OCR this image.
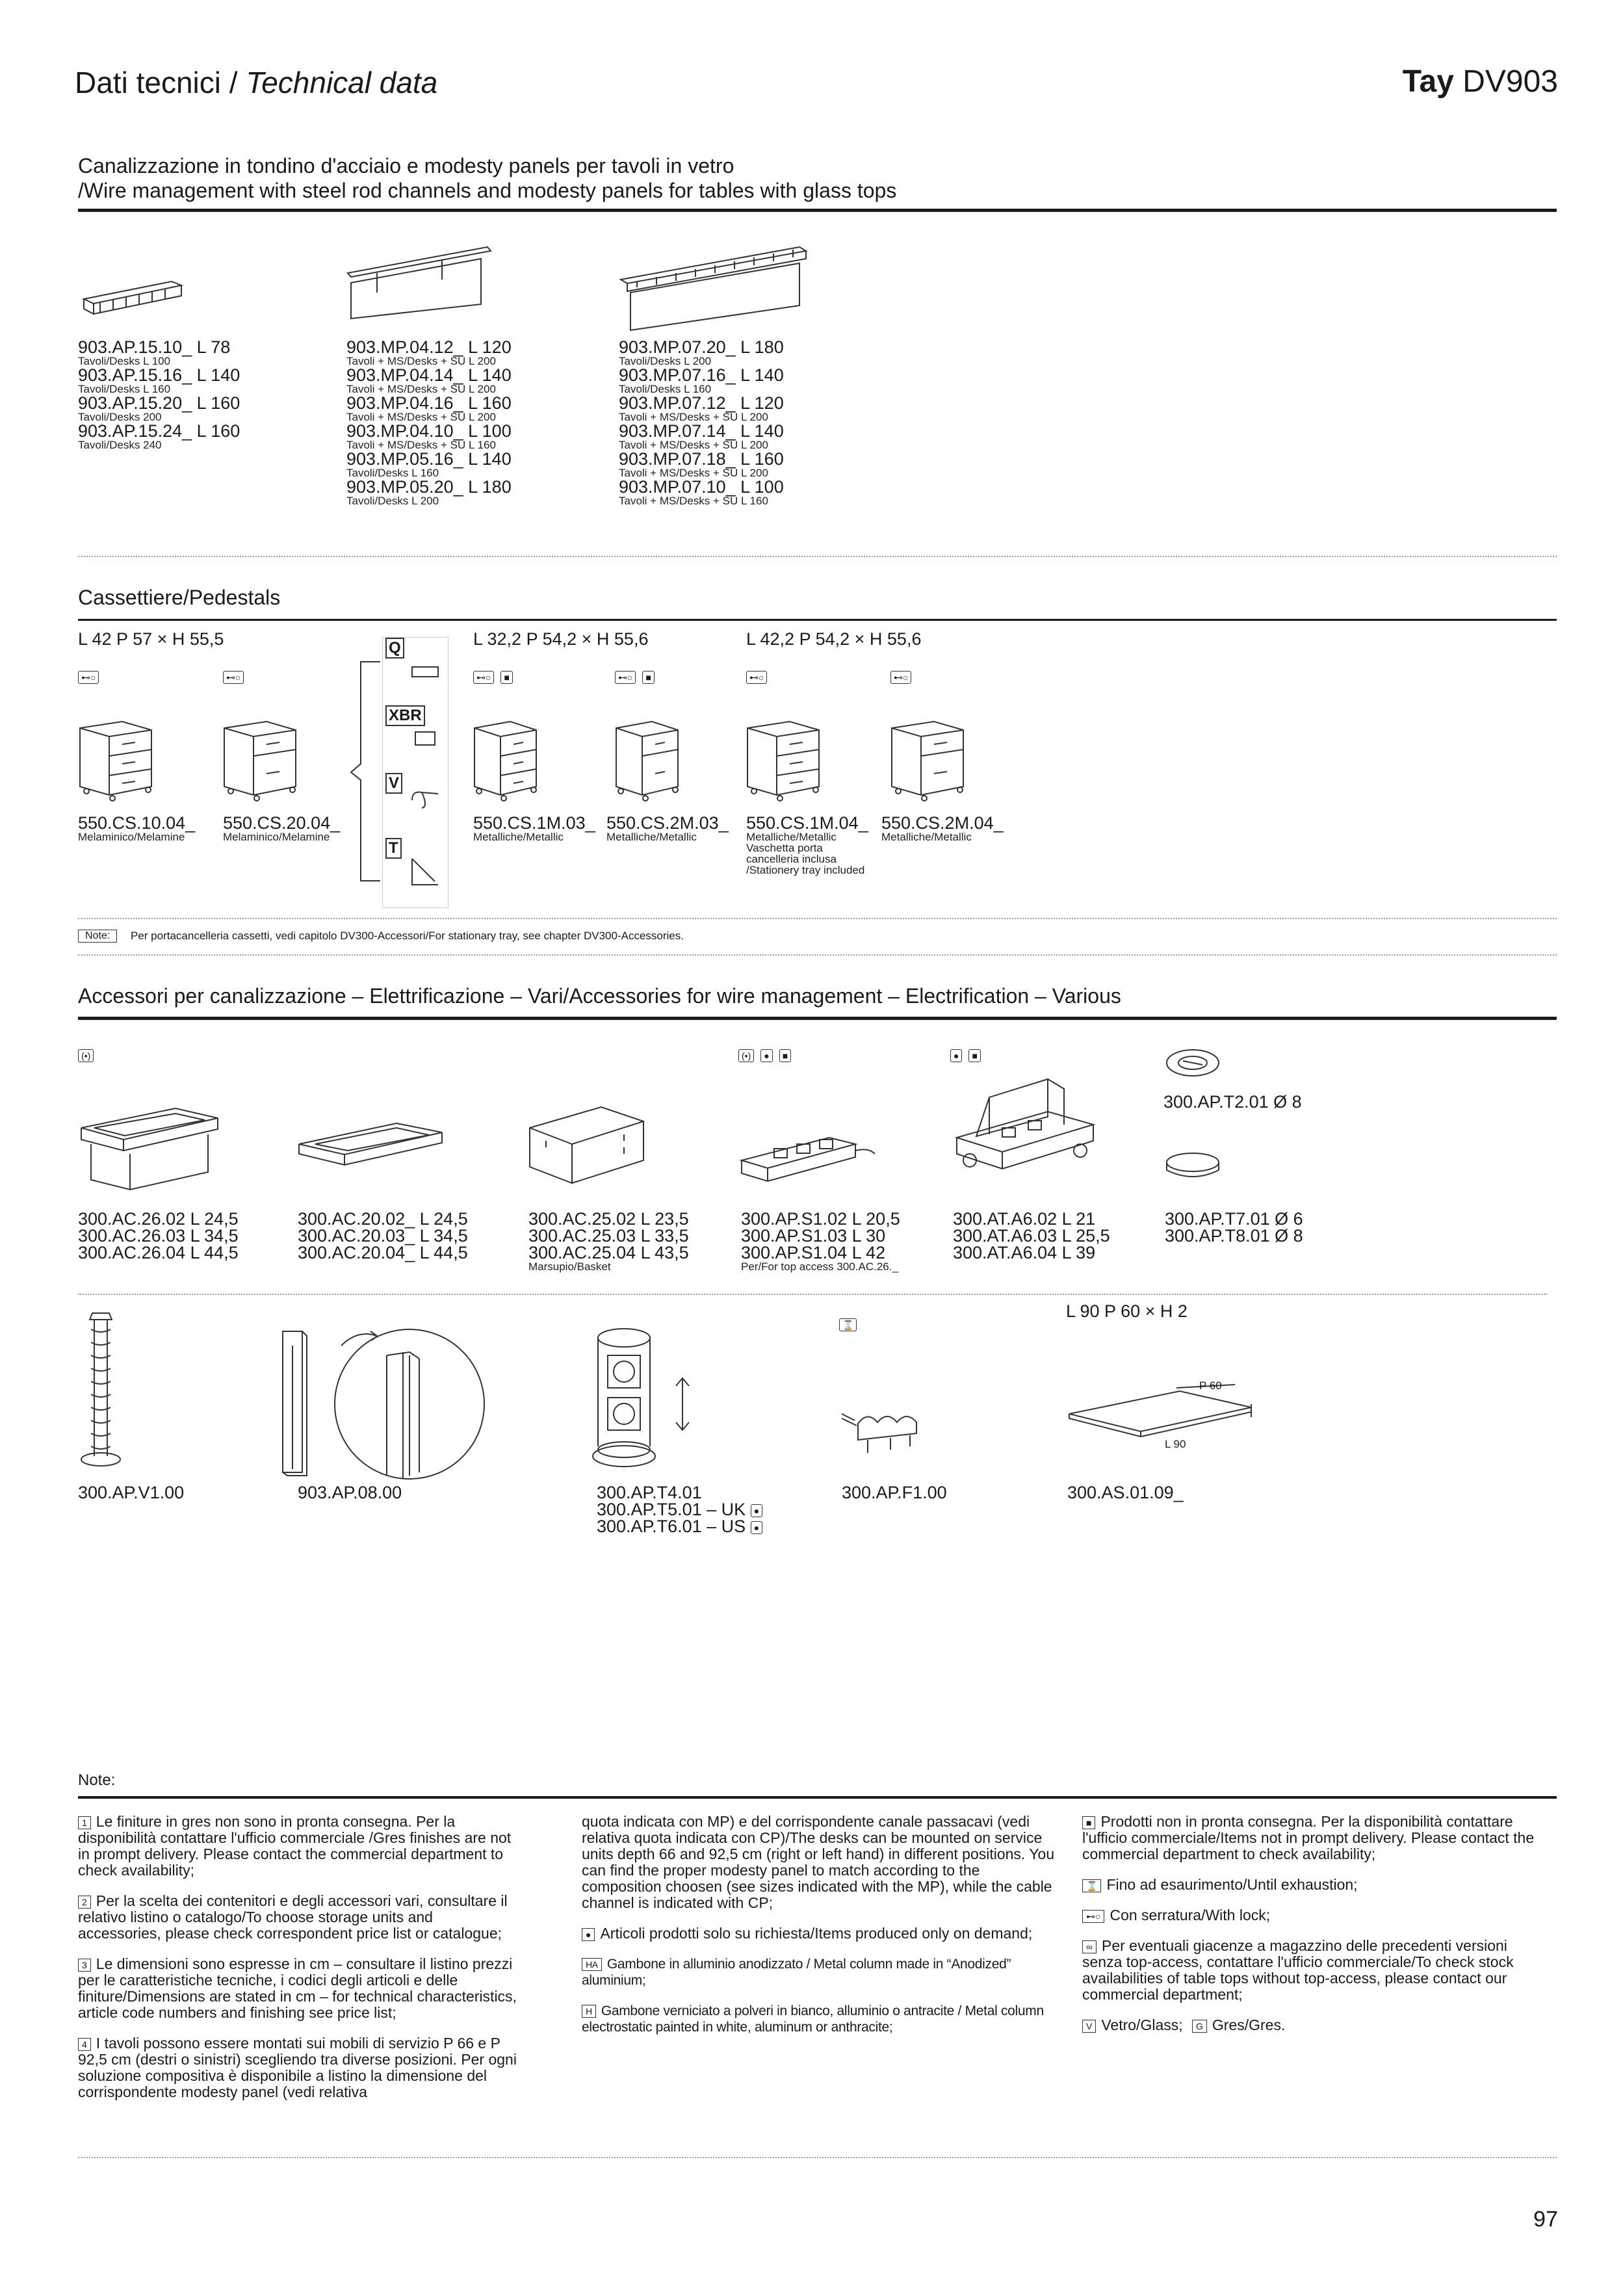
Dati tecnici / Technical data	Tay DV903
Canalizzazione in tondino d'acciaio e modesty panels per tavoli in vetro
/Wire management with steel rod channels and modesty panels for tables with glass tops
903.AP.15.10_ L 78
Tavoli/Desks L 100
903.AP.15.16_ L 140
Tavoli/Desks L 160
903.AP.15.20_ L 160
Tavoli/Desks 200
903.AP.15.24_ L 160
Tavoli/Desks 240
903.MP.04.12_ L 120
Tavoli + MS/Desks + SU L 200
903.MP.04.14_ L 140
Tavoli + MS/Desks + SU L 200
903.MP.04.16_ L 160
Tavoli + MS/Desks + SU L 200
903.MP.04.10_ L 100
Tavoli + MS/Desks + SU L 160
903.MP.05.16_ L 140
Tavoli/Desks L 160
903.MP.05.20_ L 180
Tavoli/Desks L 200
903.MP.07.20_ L 180
Tavoli/Desks L 200
903.MP.07.16_ L 140
Tavoli/Desks L 160
903.MP.07.12_ L 120
Tavoli + MS/Desks + SU L 200
903.MP.07.14_ L 140
Tavoli + MS/Desks + SU L 200
903.MP.07.18_ L 160
Tavoli + MS/Desks + SU L 200
903.MP.07.10_ L 100
Tavoli + MS/Desks + SU L 160
Cassettiere/Pedestals
L 42 P 57 × H 55,5	L 32,2 P 54,2 × H 55,6	L 42,2 P 54,2 × H 55,6
⊷○	⊷○	⊷○ ■	⊷○ ■	⊷○	⊷○
Q
XBR
V
T
550.CS.10.04_
Melaminico/Melamine
550.CS.20.04_
Melaminico/Melamine
550.CS.1M.03_
Metalliche/Metallic
550.CS.2M.03_
Metalliche/Metallic
550.CS.1M.04_
Metalliche/Metallic
Vaschetta porta
cancelleria inclusa
/Stationery tray included
550.CS.2M.04_
Metalliche/Metallic
Note: Per portacancelleria cassetti, vedi capitolo DV300-Accessori/For stationary tray, see chapter DV300-Accessories.
Accessori per canalizzazione – Elettrificazione – Vari/Accessories for wire management – Electrification – Various
(•)	(•) ● ■	● ■
300.AP.T2.01 Ø 8
300.AC.26.02 L 24,5
300.AC.26.03 L 34,5
300.AC.26.04 L 44,5
300.AC.20.02_ L 24,5
300.AC.20.03_ L 34,5
300.AC.20.04_ L 44,5
300.AC.25.02 L 23,5
300.AC.25.03 L 33,5
300.AC.25.04 L 43,5
Marsupio/Basket
300.AP.S1.02 L 20,5
300.AP.S1.03 L 30
300.AP.S1.04 L 42
Per/For top access 300.AC.26._
300.AT.A6.02 L 21
300.AT.A6.03 L 25,5
300.AT.A6.04 L 39
300.AP.T7.01 Ø 6
300.AP.T8.01 Ø 8
⌛
L 90 P 60 × H 2
P 60
L 90
300.AP.V1.00	903.AP.08.00	300.AP.T4.01
300.AP.T5.01 – UK ●
300.AP.T6.01 – US ●
300.AP.F1.00	300.AS.01.09_
Note:

1 Le finiture in gres non sono in pronta consegna. Per la disponibilità contattare l'ufficio commerciale /Gres finishes are not in prompt delivery. Please contact the commercial department to check availability;

2 Per la scelta dei contenitori e degli accessori vari, consultare il relativo listino o catalogo/To choose storage units and accessories, please check correspondent price list or catalogue;

3 Le dimensioni sono espresse in cm – consultare il listino prezzi per le caratteristiche tecniche, i codici degli articoli e delle finiture/Dimensions are stated in cm – for technical characteristics, article code numbers and finishing see price list;

4 I tavoli possono essere montati sui mobili di servizio P 66 e P 92,5 cm (destri o sinistri) scegliendo tra diverse posizioni. Per ogni soluzione compositiva è disponibile a listino la dimensione del corrispondente modesty panel (vedi relativa

quota indicata con MP) e del corrispondente canale passacavi (vedi relativa quota indicata con CP)/The desks can be mounted on service units depth 66 and 92,5 cm (right or left hand) in different positions. You can find the proper modesty panel to match according to the composition choosen (see sizes indicated with the MP), while the cable channel is indicated with CP;

● Articoli prodotti solo su richiesta/Items produced only on demand;

HA Gambone in alluminio anodizzato / Metal column made in “Anodized” aluminium;

H Gambone verniciato a polveri in bianco, alluminio o antracite / Metal column electrostatic painted in white, aluminum or anthracite;

■ Prodotti non in pronta consegna. Per la disponibilità contattare l'ufficio commerciale/Items not in prompt delivery. Please contact the commercial department to check availability;

⌛ Fino ad esaurimento/Until exhaustion;

⊷○ Con serratura/With lock;

∞ Per eventuali giacenze a magazzino delle precedenti versioni senza top-access, contattare l'ufficio commerciale/To check stock availabilities of table tops without top-access, please contact our commercial department;

V Vetro/Glass; G Gres/Gres.

97
